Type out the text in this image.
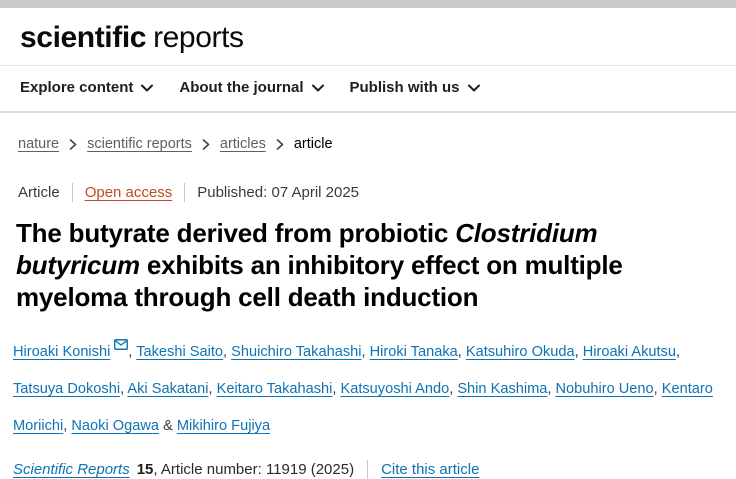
scientific reports
Explore content	About the journal	Publish with us
nature scientific reports articles article
Article Open access Published: 07 April 2025
The butyrate derived from probiotic Clostridium butyricum exhibits an inhibitory effect on multiple myeloma through cell death induction

Hiroaki Konishi , Takeshi Saito, Shuichiro Takahashi, Hiroki Tanaka, Katsuhiro Okuda, Hiroaki Akutsu, Tatsuya Dokoshi, Aki Sakatani, Keitaro Takahashi, Katsuyoshi Ando, Shin Kashima, Nobuhiro Ueno, Kentaro Moriichi, Naoki Ogawa & Mikihiro Fujiya

Scientific Reports 15 , Article number: 11919 (2025) Cite this article
